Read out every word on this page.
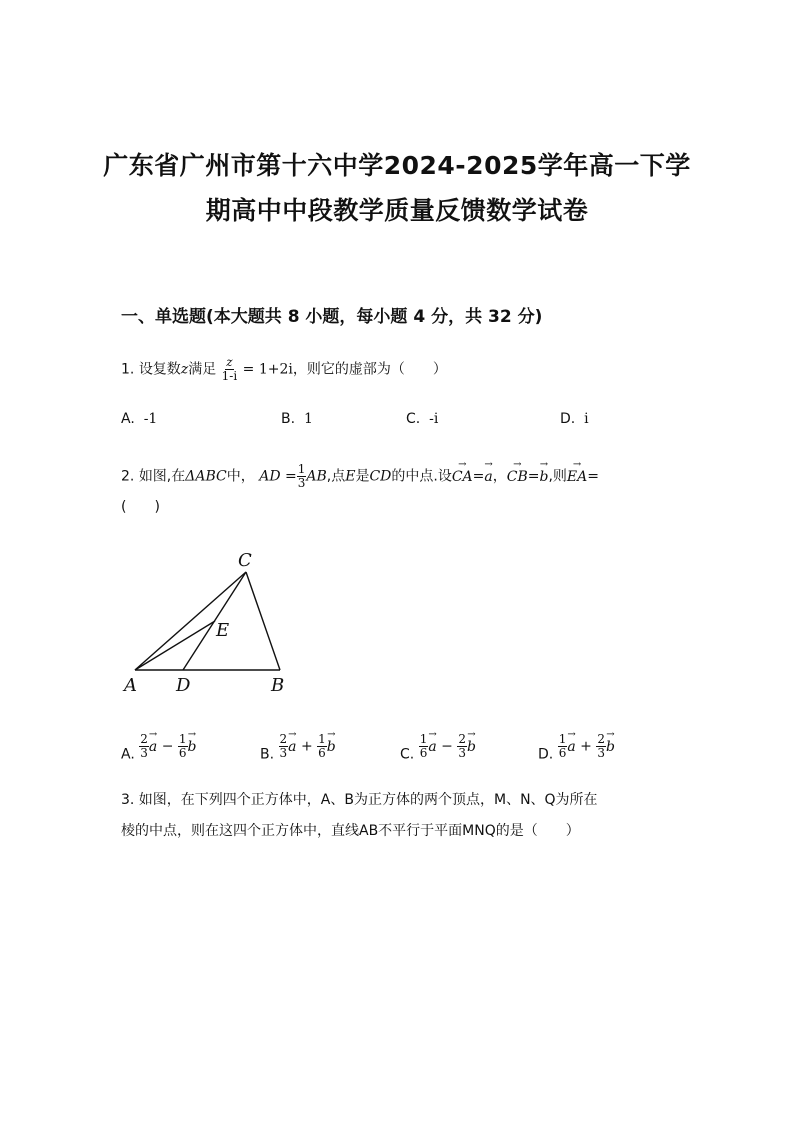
广东省广州市第十六中学2024-2025学年高一下学
期高中中段教学质量反馈数学试卷
一、单选题(本大题共 8 小题，每小题 4 分，共 32 分)
1. 设复数z满足 $\frac{z}{1-i} = 1+2i$，则它的虚部为（　　）
A. -1	B. 1	C. -i	D. i
2. 如图,在ΔABC中， AD = $\frac{1}{3}$ AB,点E是CD的中点.设→ CA=→ a，→ CB=→ b,则→ EA=
(　　)
C
E
A D	B
A. $\frac{2}{3}$
→ $a - \frac{1}{6}$
→ b	B. $\frac{2}{3}$
→ $a + \frac{1}{6}$
→ b	C. $\frac{1}{6}$
→ $a - \frac{2}{3}$
→ b	D. $\frac{1}{6}$
→ $a + \frac{2}{3}$
→ b
3. 如图，在下列四个正方体中，A、B为正方体的两个顶点，M、N、Q为所在
棱的中点，则在这四个正方体中，直线AB不平行于平面MNQ的是（　　）
